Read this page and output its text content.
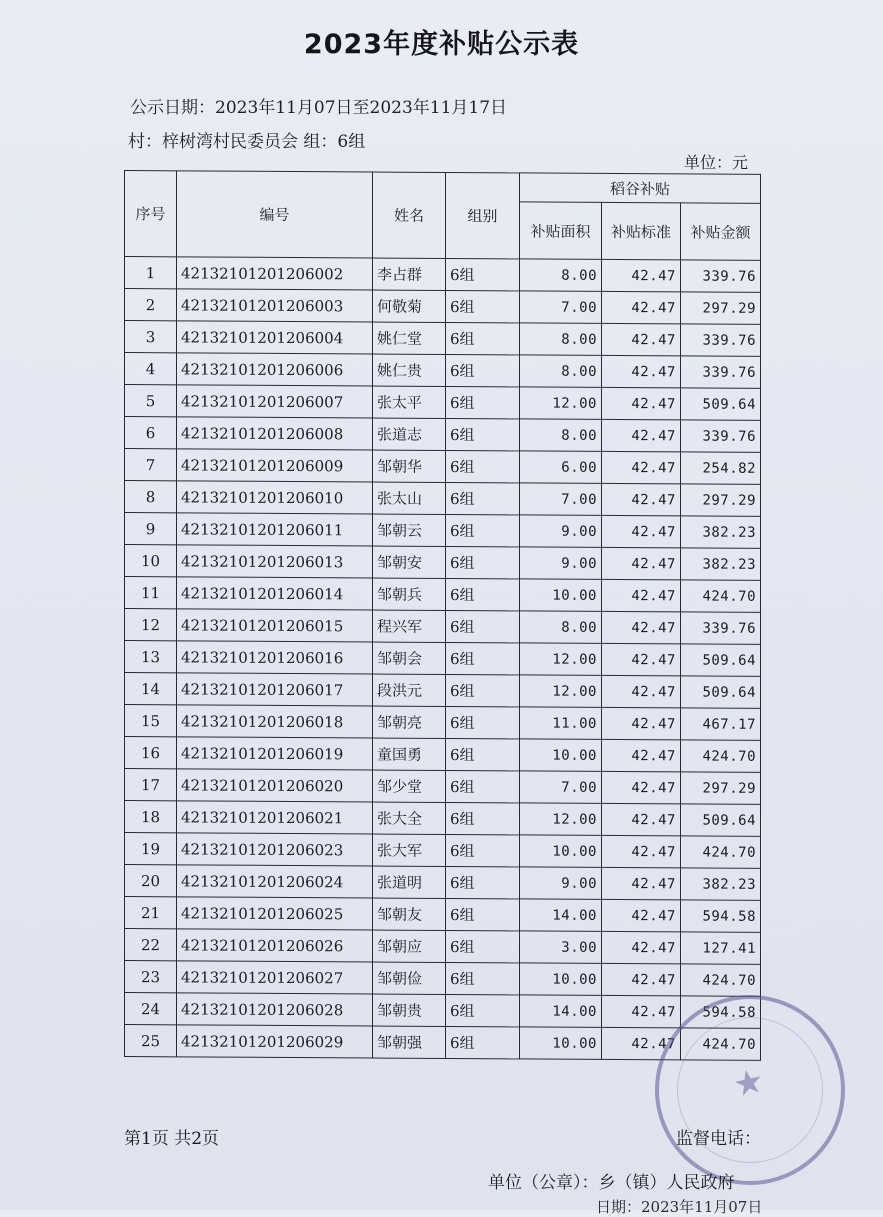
2023年度补贴公示表
公示日期：2023年11月07日至2023年11月17日
村：梓树湾村民委员会 组：6组
单位：元
序号	编号	姓名	组别	稻谷补贴		
				补贴面积	补贴标准	补贴金额
1	42132101201206002	李占群	6组	8.00	42.47	339.76
2	42132101201206003	何敬菊	6组	7.00	42.47	297.29
3	42132101201206004	姚仁堂	6组	8.00	42.47	339.76
4	42132101201206006	姚仁贵	6组	8.00	42.47	339.76
5	42132101201206007	张太平	6组	12.00	42.47	509.64
6	42132101201206008	张道志	6组	8.00	42.47	339.76
7	42132101201206009	邹朝华	6组	6.00	42.47	254.82
8	42132101201206010	张太山	6组	7.00	42.47	297.29
9	42132101201206011	邹朝云	6组	9.00	42.47	382.23
10	42132101201206013	邹朝安	6组	9.00	42.47	382.23
11	42132101201206014	邹朝兵	6组	10.00	42.47	424.70
12	42132101201206015	程兴军	6组	8.00	42.47	339.76
13	42132101201206016	邹朝会	6组	12.00	42.47	509.64
14	42132101201206017	段洪元	6组	12.00	42.47	509.64
15	42132101201206018	邹朝亮	6组	11.00	42.47	467.17
16	42132101201206019	童国勇	6组	10.00	42.47	424.70
17	42132101201206020	邹少堂	6组	7.00	42.47	297.29
18	42132101201206021	张大全	6组	12.00	42.47	509.64
19	42132101201206023	张大军	6组	10.00	42.47	424.70
20	42132101201206024	张道明	6组	9.00	42.47	382.23
21	42132101201206025	邹朝友	6组	14.00	42.47	594.58
22	42132101201206026	邹朝应	6组	3.00	42.47	127.41
23	42132101201206027	邹朝俭	6组	10.00	42.47	424.70
24	42132101201206028	邹朝贵	6组	14.00	42.47	594.58
25	42132101201206029	邹朝强	6组	10.00	42.47	424.70
★
第1页 共2页	监督电话：
单位（公章）：乡（镇）人民政府
日期：2023年11月07日
